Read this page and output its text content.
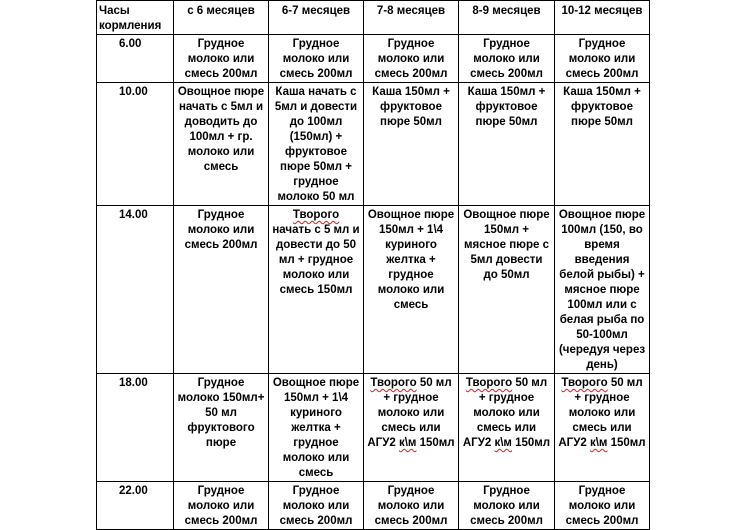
Часы кормления	с 6 месяцев	6-7 месяцев	7-8 месяцев	8-9 месяцев	10-12 месяцев
6.00	Грудное молоко или смесь 200мл	Грудное молоко или смесь 200мл	Грудное молоко или смесь 200мл	Грудное молоко или смесь 200мл	Грудное молоко или смесь 200мл
10.00	Овощное пюре начать с 5мл и доводить до 100мл + гр. молоко или смесь	Каша начать с 5мл и довести до 100мл (150мл) + фруктовое пюре 50мл + грудное молоко 50 мл	Каша 150мл + фруктовое пюре 50мл	Каша 150мл + фруктовое пюре 50мл	Каша 150мл + фруктовое пюре 50мл
14.00	Грудное молоко или смесь 200мл	Творого начать с 5 мл и довести до 50 мл + грудное молоко или смесь 150мл	Овощное пюре 150мл + 1\4 куриного желтка + грудное молоко или смесь	Овощное пюре 150мл + мясное пюре с 5мл довести до 50мл	Овощное пюре 100мл (150, во время введения белой рыбы) + мясное пюре 100мл или с белая рыба по 50-100мл (чередуя через день)
18.00	Грудное молоко 150мл+ 50 мл фруктового пюре	Овощное пюре 150мл + 1\4 куриного желтка + грудное молоко или смесь	Творого 50 мл + грудное молоко или смесь или АГУ2 к\м 150мл	Творого 50 мл + грудное молоко или смесь или АГУ2 к\м 150мл	Творого 50 мл + грудное молоко или смесь или АГУ2 к\м 150мл
22.00	Грудное молоко или смесь 200мл	Грудное молоко или смесь 200мл	Грудное молоко или смесь 200мл	Грудное молоко или смесь 200мл	Грудное молоко или смесь 200мл
